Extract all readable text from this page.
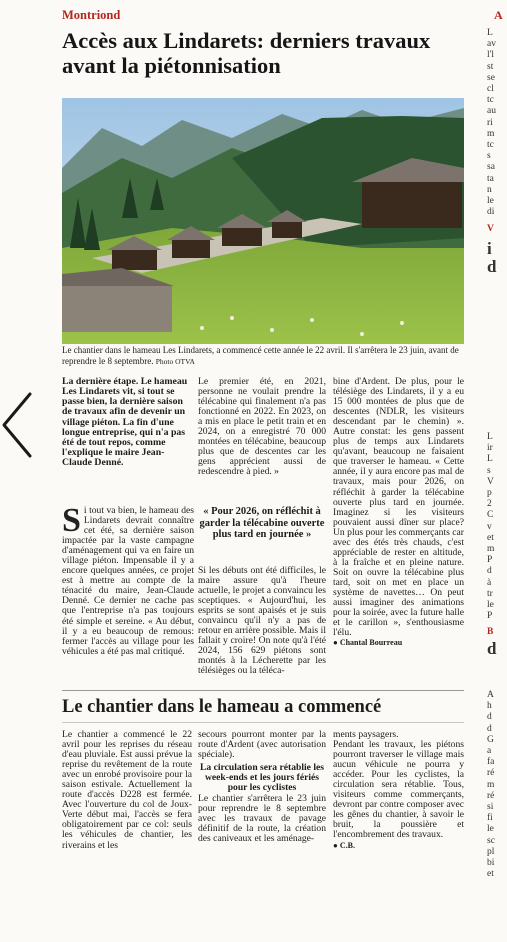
Montriond	A
Accès aux Lindarets: derniers travaux avant la piétonnisation
Le chantier dans le hameau Les Lindarets, a commencé cette année le 22 avril. Il s'arrêtera le 23 juin, avant de reprendre le 8 septembre. Photo OTVA
La dernière étape. Le hameau Les Lindarets vit, si tout se passe bien, la dernière saison de travaux afin de devenir un village piéton. La fin d'une longue entreprise, qui n'a pas été de tout repos, comme l'explique le maire Jean-Claude Denné.
Si tout va bien, le hameau des Lindarets devrait connaître cet été, sa dernière saison impactée par la vaste campagne d'aménagement qui va en faire un village piéton. Impensable il y a encore quelques années, ce projet est à mettre au compte de la ténacité du maire, Jean-Claude Denné. Ce dernier ne cache pas que l'entreprise n'a pas toujours été simple et sereine. « Au début, il y a eu beaucoup de remous: fermer l'accès au village pour les véhicules a été pas mal critiqué.
Le premier été, en 2021, personne ne voulait prendre la télécabine qui finalement n'a pas fonctionné en 2022. En 2023, on a mis en place le petit train et en 2024, on a enregistré 70 000 montées en télécabine, beaucoup plus que de descentes car les gens apprécient aussi de redescendre à pied. »
« Pour 2026, on réfléchit à garder la télécabine ouverte plus tard en journée »
Si les débuts ont été difficiles, le maire assure qu'à l'heure actuelle, le projet a convaincu les sceptiques. « Aujourd'hui, les esprits se sont apaisés et je suis convaincu qu'il n'y a pas de retour en arrière possible. Mais il fallait y croire! On note qu'à l'été 2024, 156 629 piétons sont montés à la Lécherette par les télésièges ou la téléca-
bine d'Ardent. De plus, pour le télésiège des Lindarets, il y a eu 15 000 montées de plus que de descentes (NDLR, les visiteurs descendant par le chemin) ». Autre constat: les gens passent plus de temps aux Lindarets qu'avant, beaucoup ne faisaient que traverser le hameau. « Cette année, il y aura encore pas mal de travaux, mais pour 2026, on réfléchit à garder la télécabine ouverte plus tard en journée. Imaginez si les visiteurs pouvaient aussi dîner sur place? Un plus pour les commerçants car avec des étés très chauds, c'est appréciable de rester en altitude, à la fraîche et en pleine nature. Soit on ouvre la télécabine plus tard, soit on met en place un système de navettes… On peut aussi imaginer des animations pour la soirée, avec la future halle et le carillon », s'enthousiasme l'élu.
● Chantal Bourreau
Le chantier dans le hameau a commencé
Le chantier a commencé le 22 avril pour les reprises du réseau d'eau pluviale. Est aussi prévue la reprise du revêtement de la route avec un enrobé provisoire pour la saison estivale. Actuellement la route d'accès D228 est fermée. Avec l'ouverture du col de Joux-Verte début mai, l'accès se fera obligatoirement par ce col: seuls les véhicules de chantier, les riverains et les
secours pourront monter par la route d'Ardent (avec autorisation spéciale).
La circulation sera rétablie les week-ends et les jours fériés pour les cyclistes
Le chantier s'arrêtera le 23 juin pour reprendre le 8 septembre avec les travaux de pavage définitif de la route, la création des caniveaux et les aménage-
ments paysagers.
Pendant les travaux, les piétons pourront traverser le village mais aucun véhicule ne pourra y accéder. Pour les cyclistes, la circulation sera rétablie. Tous, visiteurs comme commerçants, devront par contre composer avec les gênes du chantier, à savoir le bruit, la poussière et l'encombrement des travaux.
● C.B.
L
av
l'l
st
se
cl
tc
au
ri
m
tc
s
sa
ta
n
le
di
V
i
d
L
ir
L
s
V
p
2
C
v
et
m
P
d
à
tr
le
P
B
d
A
h
d
d
G
a
fa
ré
m
ré
si
fi
le
sc
pl
bi
et
